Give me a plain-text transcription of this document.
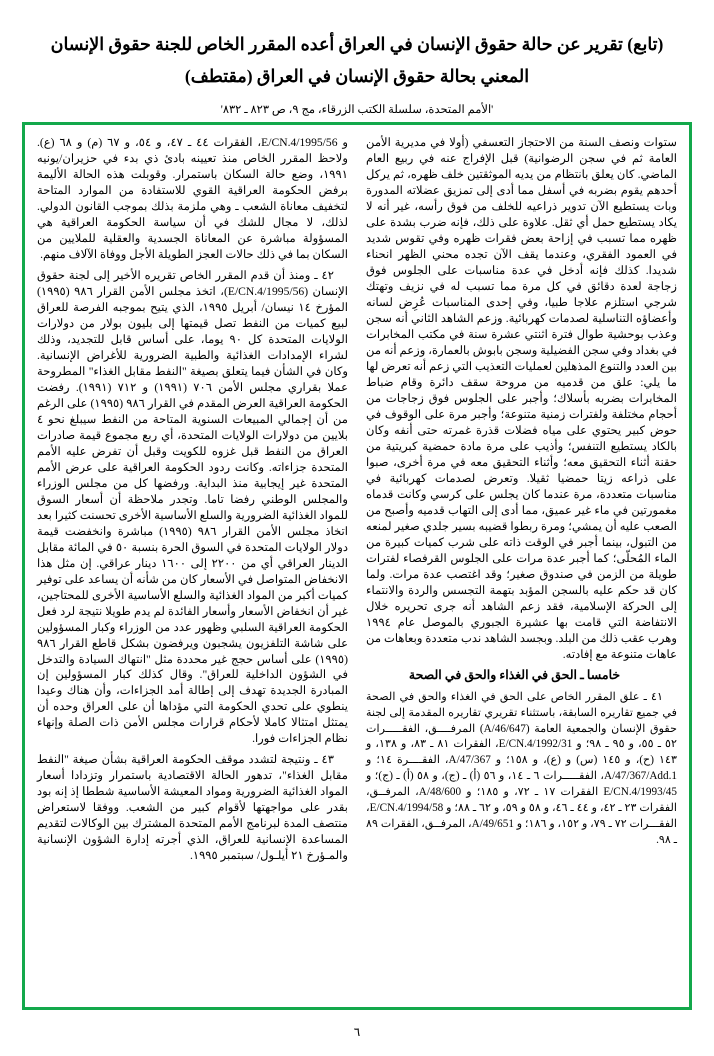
(تابع) تقرير عن حالة حقوق الإنسان في العراق أعده المقرر الخاص للجنة حقوق الإنسان
المعني بحالة حقوق الإنسان في العراق (مقتطف)
'الأمم المتحدة، سلسلة الكتب الزرقاء، مج ٩، ص ٨٢٣ ـ ٨٣٢'

ستوات ونصف السنة من الاحتجاز التعسفي (أولا في مديرية الأمن العامة ثم في سجن الرضوانية) قبل الإفراج عنه في ربيع العام الماضي. كان يعلق بانتظام من يديه الموثقتين خلف ظهره، ثم يركل أحدهم يقوم بضربه في أسفل مما أدى إلى تمزيق عضلاته المدورة وبات يستطيع الآن تدوير ذراعيه للخلف من فوق رأسه، غير أنه لا يكاد يستطيع حمل أي ثقل. علاوة على ذلك، فإنه ضرب بشدة على ظهره مما تسبب في إزاحة بعض فقرات ظهره وفي تقوس شديد في العمود الفقري، وعندما يقف الآن تجده محني الظهر انحناء شديدا. كذلك فإنه أدخل في عدة مناسبات على الجلوس فوق زجاجة لعدة دقائق في كل مرة مما تسبب له في نزيف وتهتك شرجي استلزم علاجا طبيا، وفي إحدى المناسبات عُرِض لسانه وأعضاؤه التناسلية لصدمات كهربائية. وزعم الشاهد الثاني أنه سجن وعذب بوحشية طوال فترة اثنتي عشرة سنة في مكتب المخابرات في بغداد وفي سجن الفضيلية وسجن بابوش بالعمارة، وزعم أنه من بين العدد والتنوع المذهلين لعمليات التعذيب التي زعم أنه تعرض لها ما يلي: علق من قدميه من مروحة سقف دائرة وقام ضباط المخابرات بضربه بأسلاك؛ وأجبر على الجلوس فوق زجاجات من أحجام مختلفة ولفترات زمنية متنوعة؛ وأجبر مرة على الوقوف في حوض كبير يحتوي على مياه فضلات قذرة غمرته حتى أنفه وكان بالكاد يستطيع التنفس؛ وأذيب على مرة مادة حمضية كبريتية من حقنة أثناء التحقيق معه؛ وأثناء التحقيق معه في مرة أخرى، صبوا على ذراعه زيتا حمضيا ثقيلا. وتعرض لصدمات كهربائية في مناسبات متعددة، مرة عندما كان يجلس على كرسي وكانت قدماه مغمورتين في ماء غير عميق، مما أدى إلى التهاب قدميه وأصبح من الصعب عليه أن يمشي؛ ومرة ربطوا قضيبه بسير جلدي صغير لمنعه من التبول، بينما أجبر في الوقت ذاته على شرب كميات كبيرة من الماء المُحلّى؛ كما أجبر عدة مرات على الجلوس القرفصاء لفترات طويلة من الزمن في صندوق صغير؛ وقد اغتصب عدة مرات. ولما كان قد حكم عليه بالسجن المؤبد بتهمة التجسس والردة والانتماء إلى الحركة الإسلامية، فقد زعم الشاهد أنه جرى تحريره خلال الانتفاضة التي قامت بها عشيرة الجبوري بالموصل عام ١٩٩٤ وهرب عقب ذلك من البلد. وبجسد الشاهد ندب متعددة وبعاهات من عاهات متنوعة مع إفادته.

خامسا ـ الحق في الغذاء والحق في الصحة

٤١ ـ علق المقرر الخاص على الحق في الغذاء والحق في الصحة في جميع تقاريره السابقة، باستثناء تقريري تقاريره المقدمة إلى لجنة حقوق الإنسان والجمعية العامة (A/46/647) المرفــــق، الفقـــــرات ٥٢ ـ ٥٥، و ٩٥ ـ ٩٨؛ و E/CN.4/1992/31، الفقرات ٨١ ـ ٨٣، و ١٣٨، و ١٤٣ (ح)، و ١٤٥ (س) و (ع)، و ١٥٨؛ و A/47/367، الفقــــرة ١٤؛ و A/47/367/Add.1، الفقـــــرات ٦ ـ ١٤، و ٥٦ (أ) ـ (ج)، و ٥٨ (أ) ـ (ج)؛ و E/CN.4/1993/45 الفقرات ١٧ ـ ٧٢، و ١٨٥؛ و A/48/600، المرفــق، الفقرات ٢٣ ـ ٤٢، و ٤٤ ـ ٤٦، و ٥٨ و ٥٩، و ٦٢ ـ ٨٨؛ و E/CN.4/1994/58، الفقـــرات ٧٢ ـ ٧٩، و ١٥٢، و ١٨٦؛ و A/49/651، المرفــق، الفقرات ٨٩ ـ ٩٨.

و E/CN.4/1995/56، الفقرات ٤٤ ـ ٤٧، و ٥٤، و ٦٧ (م) و ٦٨ (ع). ولاحظ المقرر الخاص منذ تعيينه بادئ ذي بدء في حزيران/يونيه ١٩٩١، وضع حالة السكان باستمرار. وقوبلت هذه الحالة الأليمة برفض الحكومة العراقية القوي للاستفادة من الموارد المتاحة لتخفيف معاناة الشعب ـ وهي ملزمة بذلك بموجب القانون الدولي. لذلك، لا مجال للشك في أن سياسة الحكومة العراقية هي المسؤولة مباشرة عن المعاناة الجسدية والعقلية للملايين من السكان بما في ذلك حالات العجز الطويلة الأجل ووفاة الآلاف منهم.

٤٢ ـ ومنذ أن قدم المقرر الخاص تقريره الأخير إلى لجنة حقوق الإنسان (E/CN.4/1995/56)، اتخذ مجلس الأمن القرار ٩٨٦ (١٩٩٥) المؤرخ ١٤ نيسان/ أبريل ١٩٩٥، الذي يتيح بموجبه الفرصة للعراق لبيع كميات من النفط تصل قيمتها إلى بليون بولار من دولارات الولايات المتحدة كل ٩٠ يوما، على أساس قابل للتجديد، وذلك لشراء الإمدادات الغذائية والطبية الضرورية للأغراض الإنسانية. وكان في الشأن فيما يتعلق بصيغة "النفط مقابل الغذاء" المطروحة عملا بقراري مجلس الأمن ٧٠٦ (١٩٩١) و ٧١٢ (١٩٩١). رفضت الحكومة العراقية العرض المقدم في القرار ٩٨٦ (١٩٩٥) على الرغم من أن إجمالي المبيعات السنوية المتاحة من النفط سيبلغ نحو ٤ بلايين من دولارات الولايات المتحدة، أي ربع مجموع قيمة صادرات العراق من النفط قبل غزوه للكويت وقبل أن تفرض عليه الأمم المتحدة جزاءاته. وكانت ردود الحكومة العراقية على عرض الأمم المتحدة غير إيجابية منذ البداية. ورفضها كل من مجلس الوزراء والمجلس الوطني رفضا تاما. وتجدر ملاحظة أن أسعار السوق للمواد الغذائية الضرورية والسلع الأساسية الأخرى تحسنت كثيرا بعد اتخاذ مجلس الأمن القرار ٩٨٦ (١٩٩٥) مباشرة وانخفضت قيمة دولار الولايات المتحدة في السوق الحرة بنسبة ٥٠ في المائة مقابل الدينار العراقي أي من ٢٢٠٠ إلى ١٦٠٠ دينار عراقي. إن مثل هذا الانخفاض المتواصل في الأسعار كان من شأنه أن يساعد على توفير كميات أكبر من المواد الغذائية والسلع الأساسية الأخرى للمحتاجين، غير أن انخفاض الأسعار وأسعار الفائدة لم يدم طويلا نتيجة لرد فعل الحكومة العراقية السلبي وظهور عدد من الوزراء وكبار المسؤولين على شاشة التلفزيون يشجبون ويرفضون بشكل قاطع القرار ٩٨٦ (١٩٩٥) على أساس حجج غير محددة مثل "انتهاك السيادة والتدخل في الشؤون الداخلية للعراق". وقال كذلك كبار المسؤولين إن المبادرة الجديدة تهدف إلى إطالة أمد الجزاءات، وأن هناك وعيدا ينطوي على تحدي الحكومة التي مؤداها أن على العراق وحده أن يمتثل امتثالا كاملا لأحكام قرارات مجلس الأمن ذات الصلة وإنهاء نظام الجزاءات فورا.

٤٣ ـ ونتيجة لتشدد موقف الحكومة العراقية بشأن صيغة "النفط مقابل الغذاء"، تدهور الحالة الاقتصادية باستمرار وتزدادا أسعار المواد الغذائية الضرورية ومواد المعيشة الأساسية شططا إذ إنه بود بقدر على مواجهتها لأقوام كبير من الشعب. ووفقا لاستعراض منتصف المدة لبرنامج الأمم المتحدة المشترك بين الوكالات لتقديم المساعدة الإنسانية للعراق، الذي أجرته إدارة الشؤون الإنسانية والمـؤرخ ٢١ أيلـول/ سبتمبر ١٩٩٥.

٦
